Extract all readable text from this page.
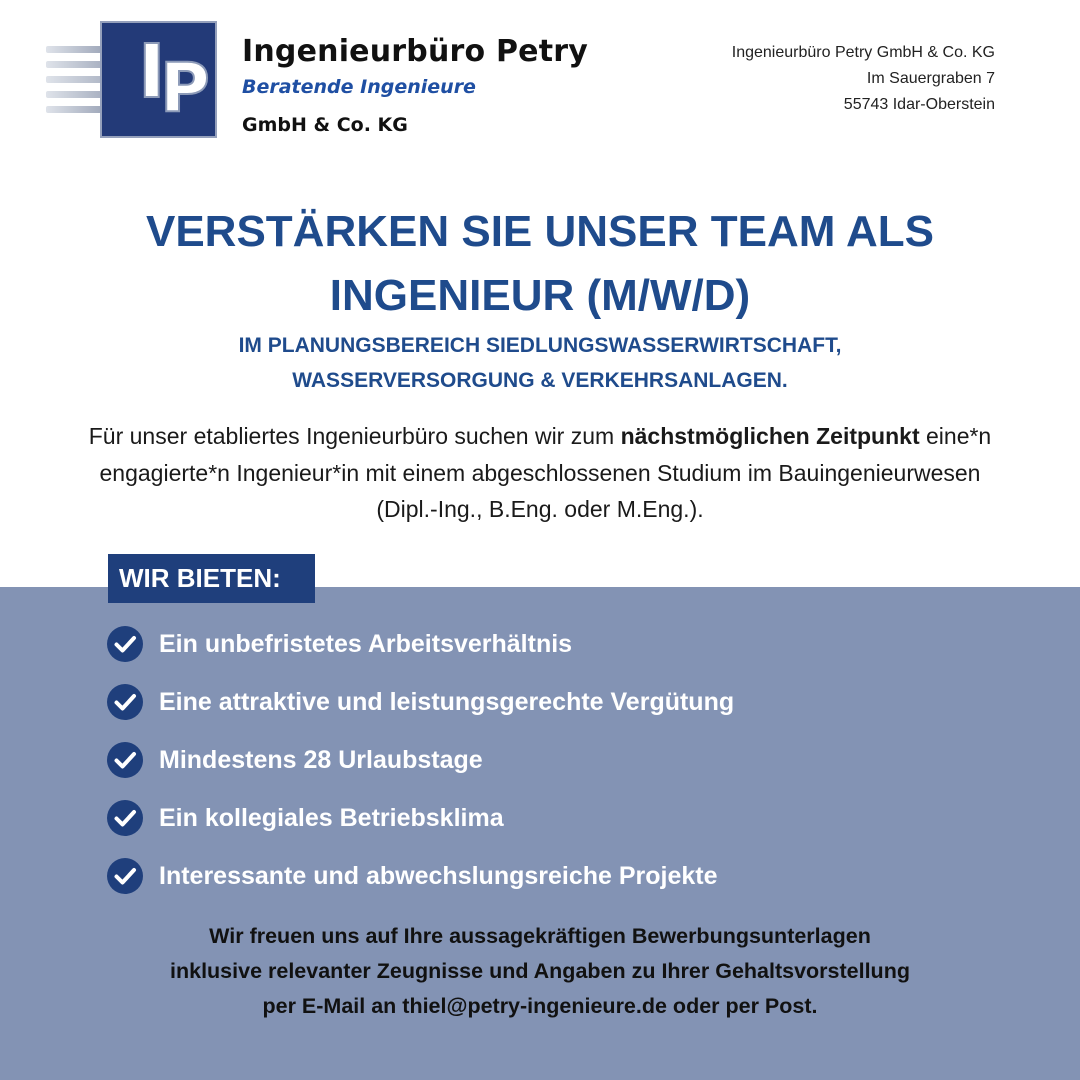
I
P Ingenieurbüro Petry
Beratende Ingenieure
GmbH & Co. KG
Ingenieurbüro Petry GmbH & Co. KG
Im Sauergraben 7
55743 Idar-Oberstein
VERSTÄRKEN SIE UNSER TEAM ALS
INGENIEUR (M/W/D)
IM PLANUNGSBEREICH SIEDLUNGSWASSERWIRTSCHAFT,
WASSERVERSORGUNG & VERKEHRSANLAGEN.

Für unser etabliertes Ingenieurbüro suchen wir zum nächstmöglichen Zeitpunkt eine*n engagierte*n Ingenieur*in mit einem abgeschlossenen Studium im Bauingenieurwesen (Dipl.-Ing., B.Eng. oder M.Eng.).

WIR BIETEN:
Ein unbefristetes Arbeitsverhältnis
Eine attraktive und leistungsgerechte Vergütung
Mindestens 28 Urlaubstage
Ein kollegiales Betriebsklima
Interessante und abwechslungsreiche Projekte
Wir freuen uns auf Ihre aussagekräftigen Bewerbungsunterlagen
inklusive relevanter Zeugnisse und Angaben zu Ihrer Gehaltsvorstellung
per E-Mail an thiel@petry-ingenieure.de oder per Post.
